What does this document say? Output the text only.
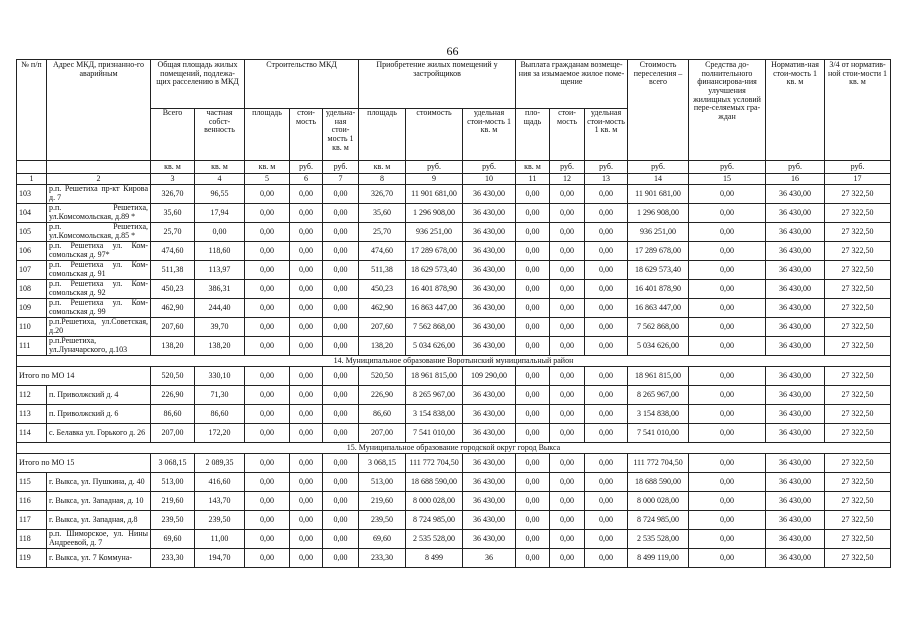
66
№ п/п	Адрес МКД, признанно-го аварийным	Общая площадь жилых помещений, подлежа-щих расселению в МКД		Строительство МКД			Приобретение жилых помещений у застройщиков			Выплата гражданам возмеще-ния за изымаемое жилое поме-щение			Стоимость переселения – всего	Средства до-полнительного финансирова-ния улучшения жилищных условий пере-селяемых гра-ждан	Норматив-ная стои-мость 1 кв. м	3/4 от норматив-ной стои-мости 1 кв. м
		Всего	частная собст-венность	площадь	стои-мость	удельна-ная стои-мость 1 кв. м	площадь	стоимость	удельная стои-мость 1 кв. м	пло-щадь	стои-мость	удельная стои-мость 1 кв. м				
		кв. м	кв. м	кв. м	руб.	руб.	кв. м	руб.	руб.	кв. м	руб.	руб.	руб.	руб.	руб.	руб.
1	2	3	4	5	6	7	8	9	10	11	12	13	14	15	16	17
103	р.п. Решетиха пр-кт Кирова д. 7	326,70	96,55	0,00	0,00	0,00	326,70	11 901 681,00	36 430,00	0,00	0,00	0,00	11 901 681,00	0,00	36 430,00	27 322,50
104	р.п. Решетиха, ул.Комсомольская, д.89 *	35,60	17,94	0,00	0,00	0,00	35,60	1 296 908,00	36 430,00	0,00	0,00	0,00	1 296 908,00	0,00	36 430,00	27 322,50
105	р.п. Решетиха, ул.Комсомольская, д.85 *	25,70	0,00	0,00	0,00	0,00	25,70	936 251,00	36 430,00	0,00	0,00	0,00	936 251,00	0,00	36 430,00	27 322,50
106	р.п. Решетиха ул. Ком-сомольская д. 97*	474,60	118,60	0,00	0,00	0,00	474,60	17 289 678,00	36 430,00	0,00	0,00	0,00	17 289 678,00	0,00	36 430,00	27 322,50
107	р.п. Решетиха ул. Ком-сомольская д. 91	511,38	113,97	0,00	0,00	0,00	511,38	18 629 573,40	36 430,00	0,00	0,00	0,00	18 629 573,40	0,00	36 430,00	27 322,50
108	р.п. Решетиха ул. Ком-сомольская д. 92	450,23	386,31	0,00	0,00	0,00	450,23	16 401 878,90	36 430,00	0,00	0,00	0,00	16 401 878,90	0,00	36 430,00	27 322,50
109	р.п. Решетиха ул. Ком-сомольская д. 99	462,90	244,40	0,00	0,00	0,00	462,90	16 863 447,00	36 430,00	0,00	0,00	0,00	16 863 447,00	0,00	36 430,00	27 322,50
110	р.п.Решетиха, ул.Советская, д.20	207,60	39,70	0,00	0,00	0,00	207,60	7 562 868,00	36 430,00	0,00	0,00	0,00	7 562 868,00	0,00	36 430,00	27 322,50
111	р.п.Решетиха, ул.Луначарского, д.103	138,20	138,20	0,00	0,00	0,00	138,20	5 034 626,00	36 430,00	0,00	0,00	0,00	5 034 626,00	0,00	36 430,00	27 322,50
14. Муниципальное образование Воротынский муниципальный район																
Итого по МО 14		520,50	330,10	0,00	0,00	0,00	520,50	18 961 815,00	109 290,00	0,00	0,00	0,00	18 961 815,00	0,00	36 430,00	27 322,50
112	п. Приволжский д. 4	226,90	71,30	0,00	0,00	0,00	226,90	8 265 967,00	36 430,00	0,00	0,00	0,00	8 265 967,00	0,00	36 430,00	27 322,50
113	п. Приволжский д. 6	86,60	86,60	0,00	0,00	0,00	86,60	3 154 838,00	36 430,00	0,00	0,00	0,00	3 154 838,00	0,00	36 430,00	27 322,50
114	с. Белавка ул. Горького д. 26	207,00	172,20	0,00	0,00	0,00	207,00	7 541 010,00	36 430,00	0,00	0,00	0,00	7 541 010,00	0,00	36 430,00	27 322,50
15. Муниципальное образование городской округ город Выкса																
Итого по МО 15		3 068,15	2 089,35	0,00	0,00	0,00	3 068,15	111 772 704,50	36 430,00	0,00	0,00	0,00	111 772 704,50	0,00	36 430,00	27 322,50
115	г. Выкса, ул. Пушкина, д. 40	513,00	416,60	0,00	0,00	0,00	513,00	18 688 590,00	36 430,00	0,00	0,00	0,00	18 688 590,00	0,00	36 430,00	27 322,50
116	г. Выкса, ул. Западная, д. 10	219,60	143,70	0,00	0,00	0,00	219,60	8 000 028,00	36 430,00	0,00	0,00	0,00	8 000 028,00	0,00	36 430,00	27 322,50
117	г. Выкса, ул. Западная, д.8	239,50	239,50	0,00	0,00	0,00	239,50	8 724 985,00	36 430,00	0,00	0,00	0,00	8 724 985,00	0,00	36 430,00	27 322,50
118	р.п. Шиморское, ул. Нины Андреевой, д. 7	69,60	11,00	0,00	0,00	0,00	69,60	2 535 528,00	36 430,00	0,00	0,00	0,00	2 535 528,00	0,00	36 430,00	27 322,50
119	г. Выкса, ул. 7 Коммуна-	233,30	194,70	0,00	0,00	0,00	233,30	8 499	36	0,00	0,00	0,00	8 499 119,00	0,00	36 430,00	27 322,50
